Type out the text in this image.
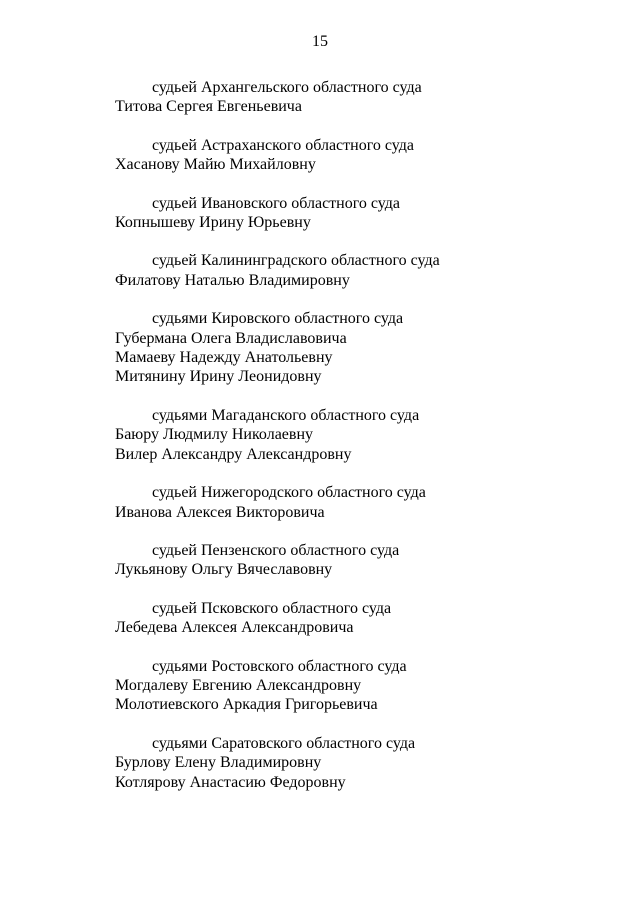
15
судьей Архангельского областного суда
Титова Сергея Евгеньевича
судьей Астраханского областного суда
Хасанову Майю Михайловну
судьей Ивановского областного суда
Копнышеву Ирину Юрьевну
судьей Калининградского областного суда
Филатову Наталью Владимировну
судьями Кировского областного суда
Губермана Олега Владиславовича
Мамаеву Надежду Анатольевну
Митянину Ирину Леонидовну
судьями Магаданского областного суда
Баюру Людмилу Николаевну
Вилер Александру Александровну
судьей Нижегородского областного суда
Иванова Алексея Викторовича
судьей Пензенского областного суда
Лукьянову Ольгу Вячеславовну
судьей Псковского областного суда
Лебедева Алексея Александровича
судьями Ростовского областного суда
Могдалеву Евгению Александровну
Молотиевского Аркадия Григорьевича
судьями Саратовского областного суда
Бурлову Елену Владимировну
Котлярову Анастасию Федоровну
